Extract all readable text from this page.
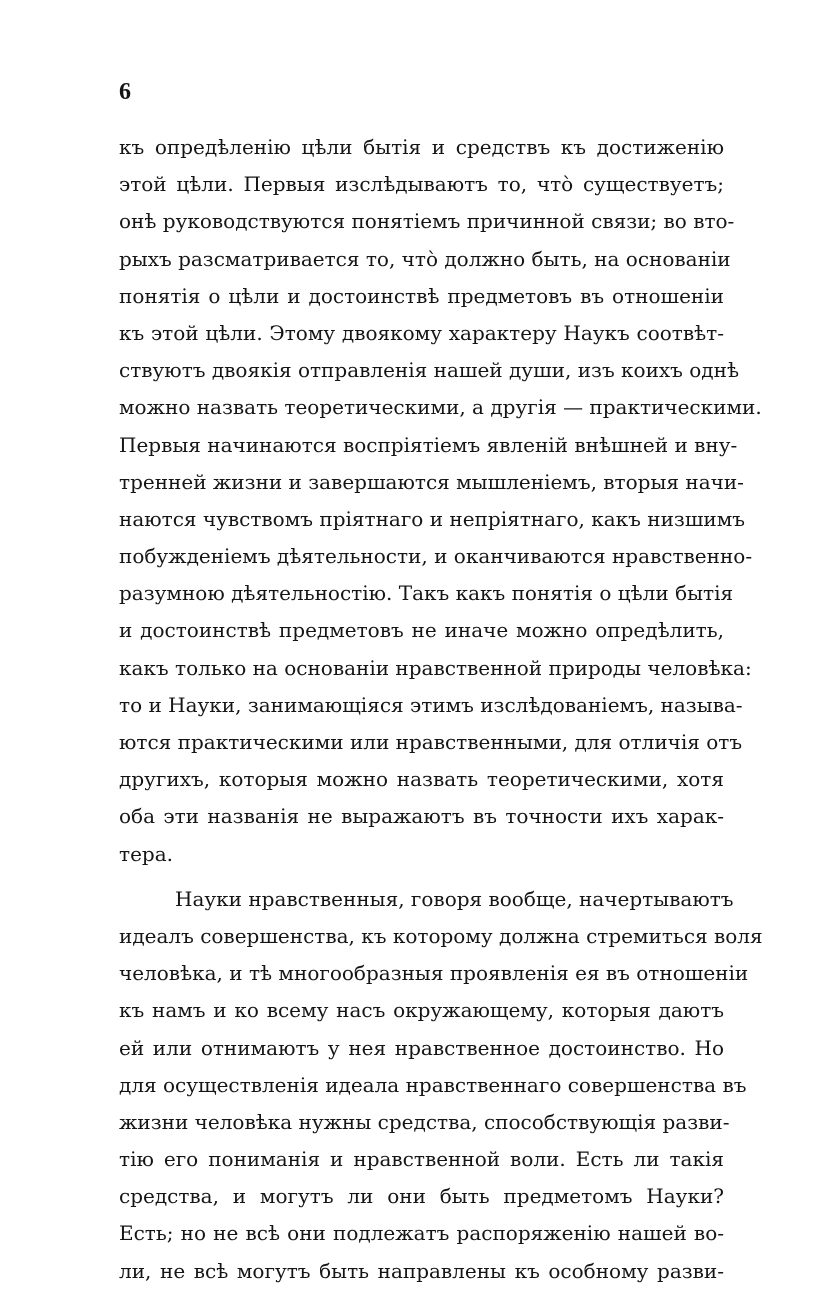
6
къ опредѣленію цѣли бытія и средствъ къ достиженію
этой цѣли. Первыя изслѣдываютъ то, что̀ существуетъ;
онѣ руководствуются понятіемъ причинной связи; во вто-
рыхъ разсматривается то, что̀ должно быть, на основаніи
понятія о цѣли и достоинствѣ предметовъ въ отношеніи
къ этой цѣли. Этому двоякому характеру Наукъ соотвѣт-
ствуютъ двоякія отправленія нашей души, изъ коихъ однѣ
можно назвать теоретическими, а другія — практическими.
Первыя начинаются воспріятіемъ явленій внѣшней и вну-
тренней жизни и завершаются мышленіемъ, вторыя начи-
наются чувствомъ пріятнаго и непріятнаго, какъ низшимъ
побужденіемъ дѣятельности, и оканчиваются нравственно-
разумною дѣятельностію. Такъ какъ понятія о цѣли бытія
и достоинствѣ предметовъ не иначе можно опредѣлить,
какъ только на основаніи нравственной природы человѣка:
то и Науки, занимающіяся этимъ изслѣдованіемъ, называ-
ются практическими или нравственными, для отличія отъ
другихъ, которыя можно назвать теоретическими, хотя
оба эти названія не выражаютъ въ точности ихъ харак-
тера.
Науки нравственныя, говоря вообще, начертываютъ
идеалъ совершенства, къ которому должна стремиться воля
человѣка, и тѣ многообразныя проявленія ея въ отношеніи
къ намъ и ко всему насъ окружающему, которыя даютъ
ей или отнимаютъ у нея нравственное достоинство. Но
для осуществленія идеала нравственнаго совершенства въ
жизни человѣка нужны средства, способствующія разви-
тію его пониманія и нравственной воли. Есть ли такія
средства, и могутъ ли они быть предметомъ Науки?
Есть; но не всѣ они подлежатъ распоряженію нашей во-
ли, не всѣ могутъ быть направлены къ особному разви-
